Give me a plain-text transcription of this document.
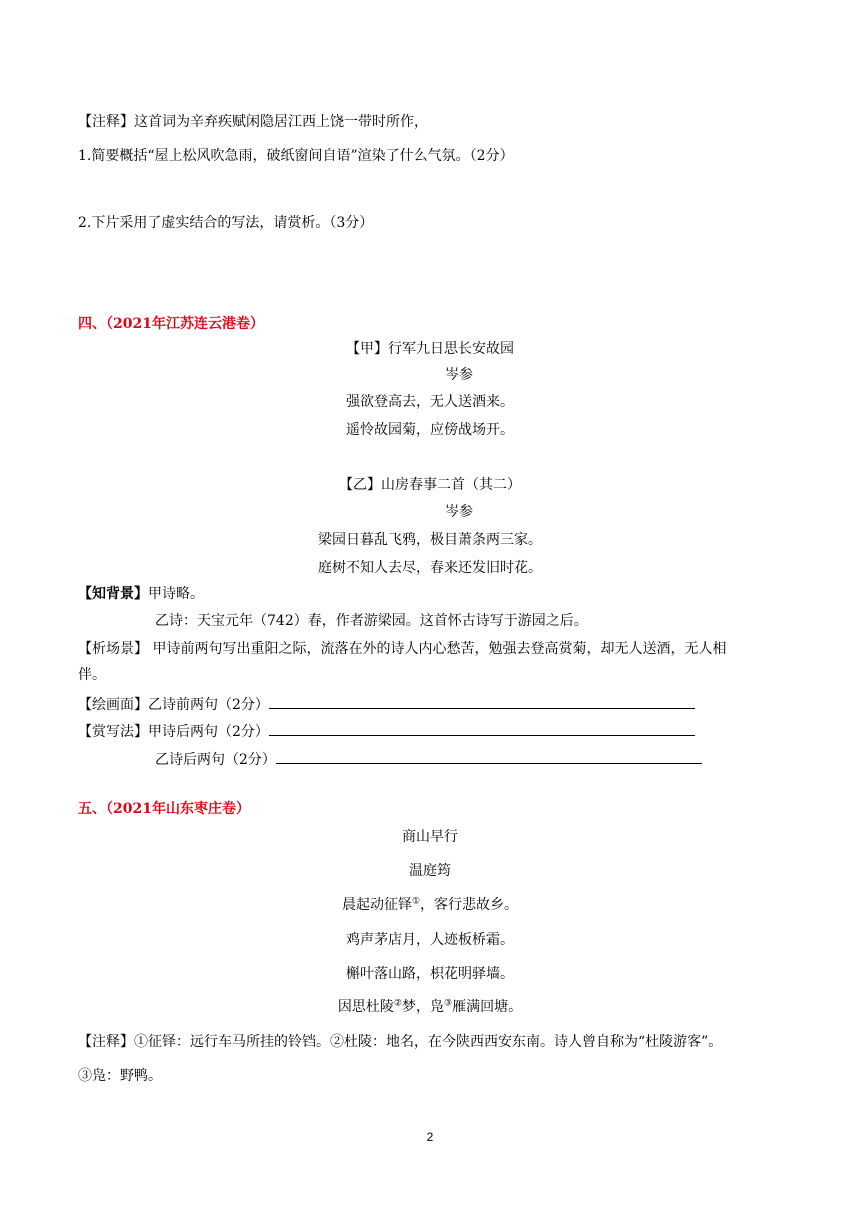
【注释】这首词为辛弃疾赋闲隐居江西上饶一带时所作，
1.简要概括“屋上松风吹急雨，破纸窗间自语”渲染了什么气氛。（2分）
2.下片采用了虚实结合的写法，请赏析。（3分）
四、（2021年江苏连云港卷）
【甲】行军九日思长安故园
岑参
强欲登高去，无人送酒来。
遥怜故园菊，应傍战场开。
【乙】山房春事二首（其二）
岑参
梁园日暮乱飞鸦，极目萧条两三家。
庭树不知人去尽，春来还发旧时花。
【知背景】甲诗略。
乙诗：天宝元年（742）春，作者游梁园。这首怀古诗写于游园之后。
【析场景】 甲诗前两句写出重阳之际，流落在外的诗人内心愁苦，勉强去登高赏菊，却无人送酒，无人相
伴。
【绘画面】乙诗前两句（2分）
【赏写法】甲诗后两句（2分）
乙诗后两句（2分）
五、（2021年山东枣庄卷）
商山早行
温庭筠
晨起动征铎①，客行悲故乡。
鸡声茅店月，人迹板桥霜。
槲叶落山路，枳花明驿墙。
因思杜陵②梦，凫③雁满回塘。
【注释】①征铎：远行车马所挂的铃铛。②杜陵：地名，在今陕西西安东南。诗人曾自称为“杜陵游客”。
③凫：野鸭。
2
